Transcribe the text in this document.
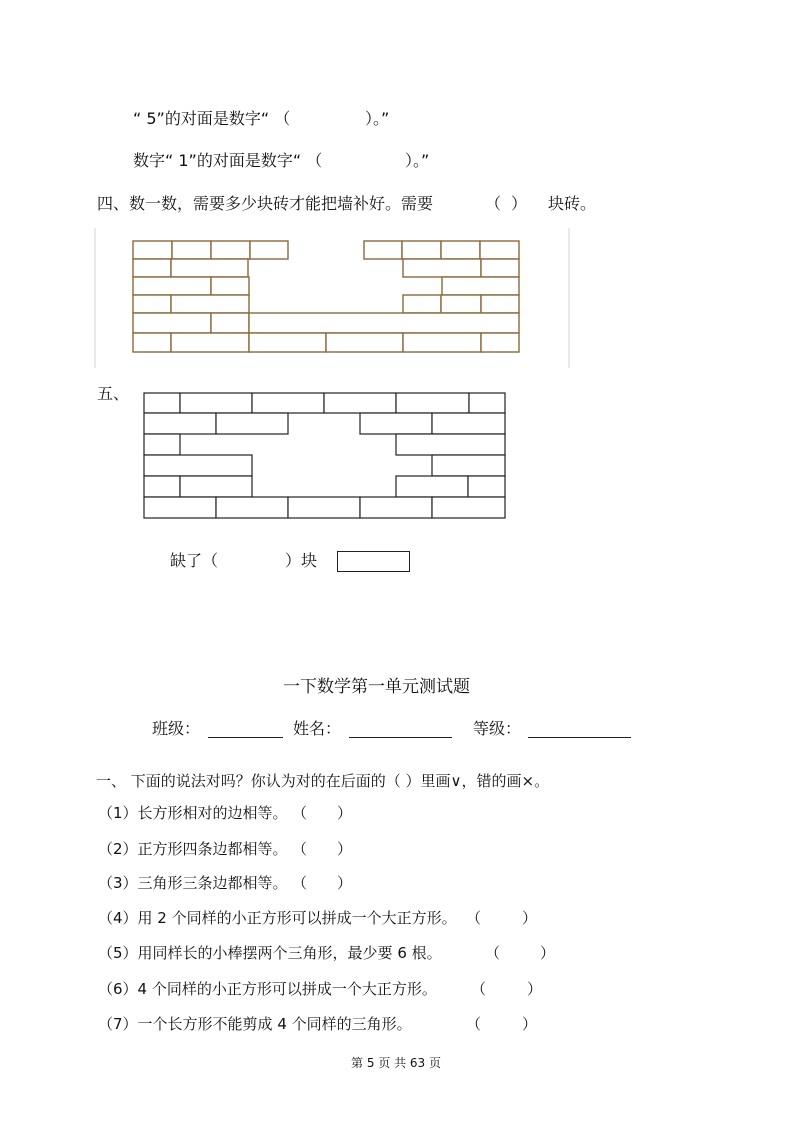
“ 5”的对面是数字“ （	）。”
数字“ 1”的对面是数字“ （	）。”
四、数一数，需要多少块砖才能把墙补好。需要	（ ） 块砖。
五、
缺了（	）块
一下数学第一单元测试题
班级：	姓名：	等级：
一、 下面的说法对吗？你认为对的在后面的（ ）里画∨，错的画×。
（1）长方形相对的边相等。 （ ）
（2）正方形四条边都相等。 （ ）
（3）三角形三条边都相等。 （ ）
（4）用 2 个同样的小正方形可以拼成一个大正方形。 （	）
（5）用同样长的小棒摆两个三角形，最少要 6 根。	（	）
（6）4 个同样的小正方形可以拼成一个大正方形。 （	）
（7）一个长方形不能剪成 4 个同样的三角形。	（	）
第 5 页 共 63 页
